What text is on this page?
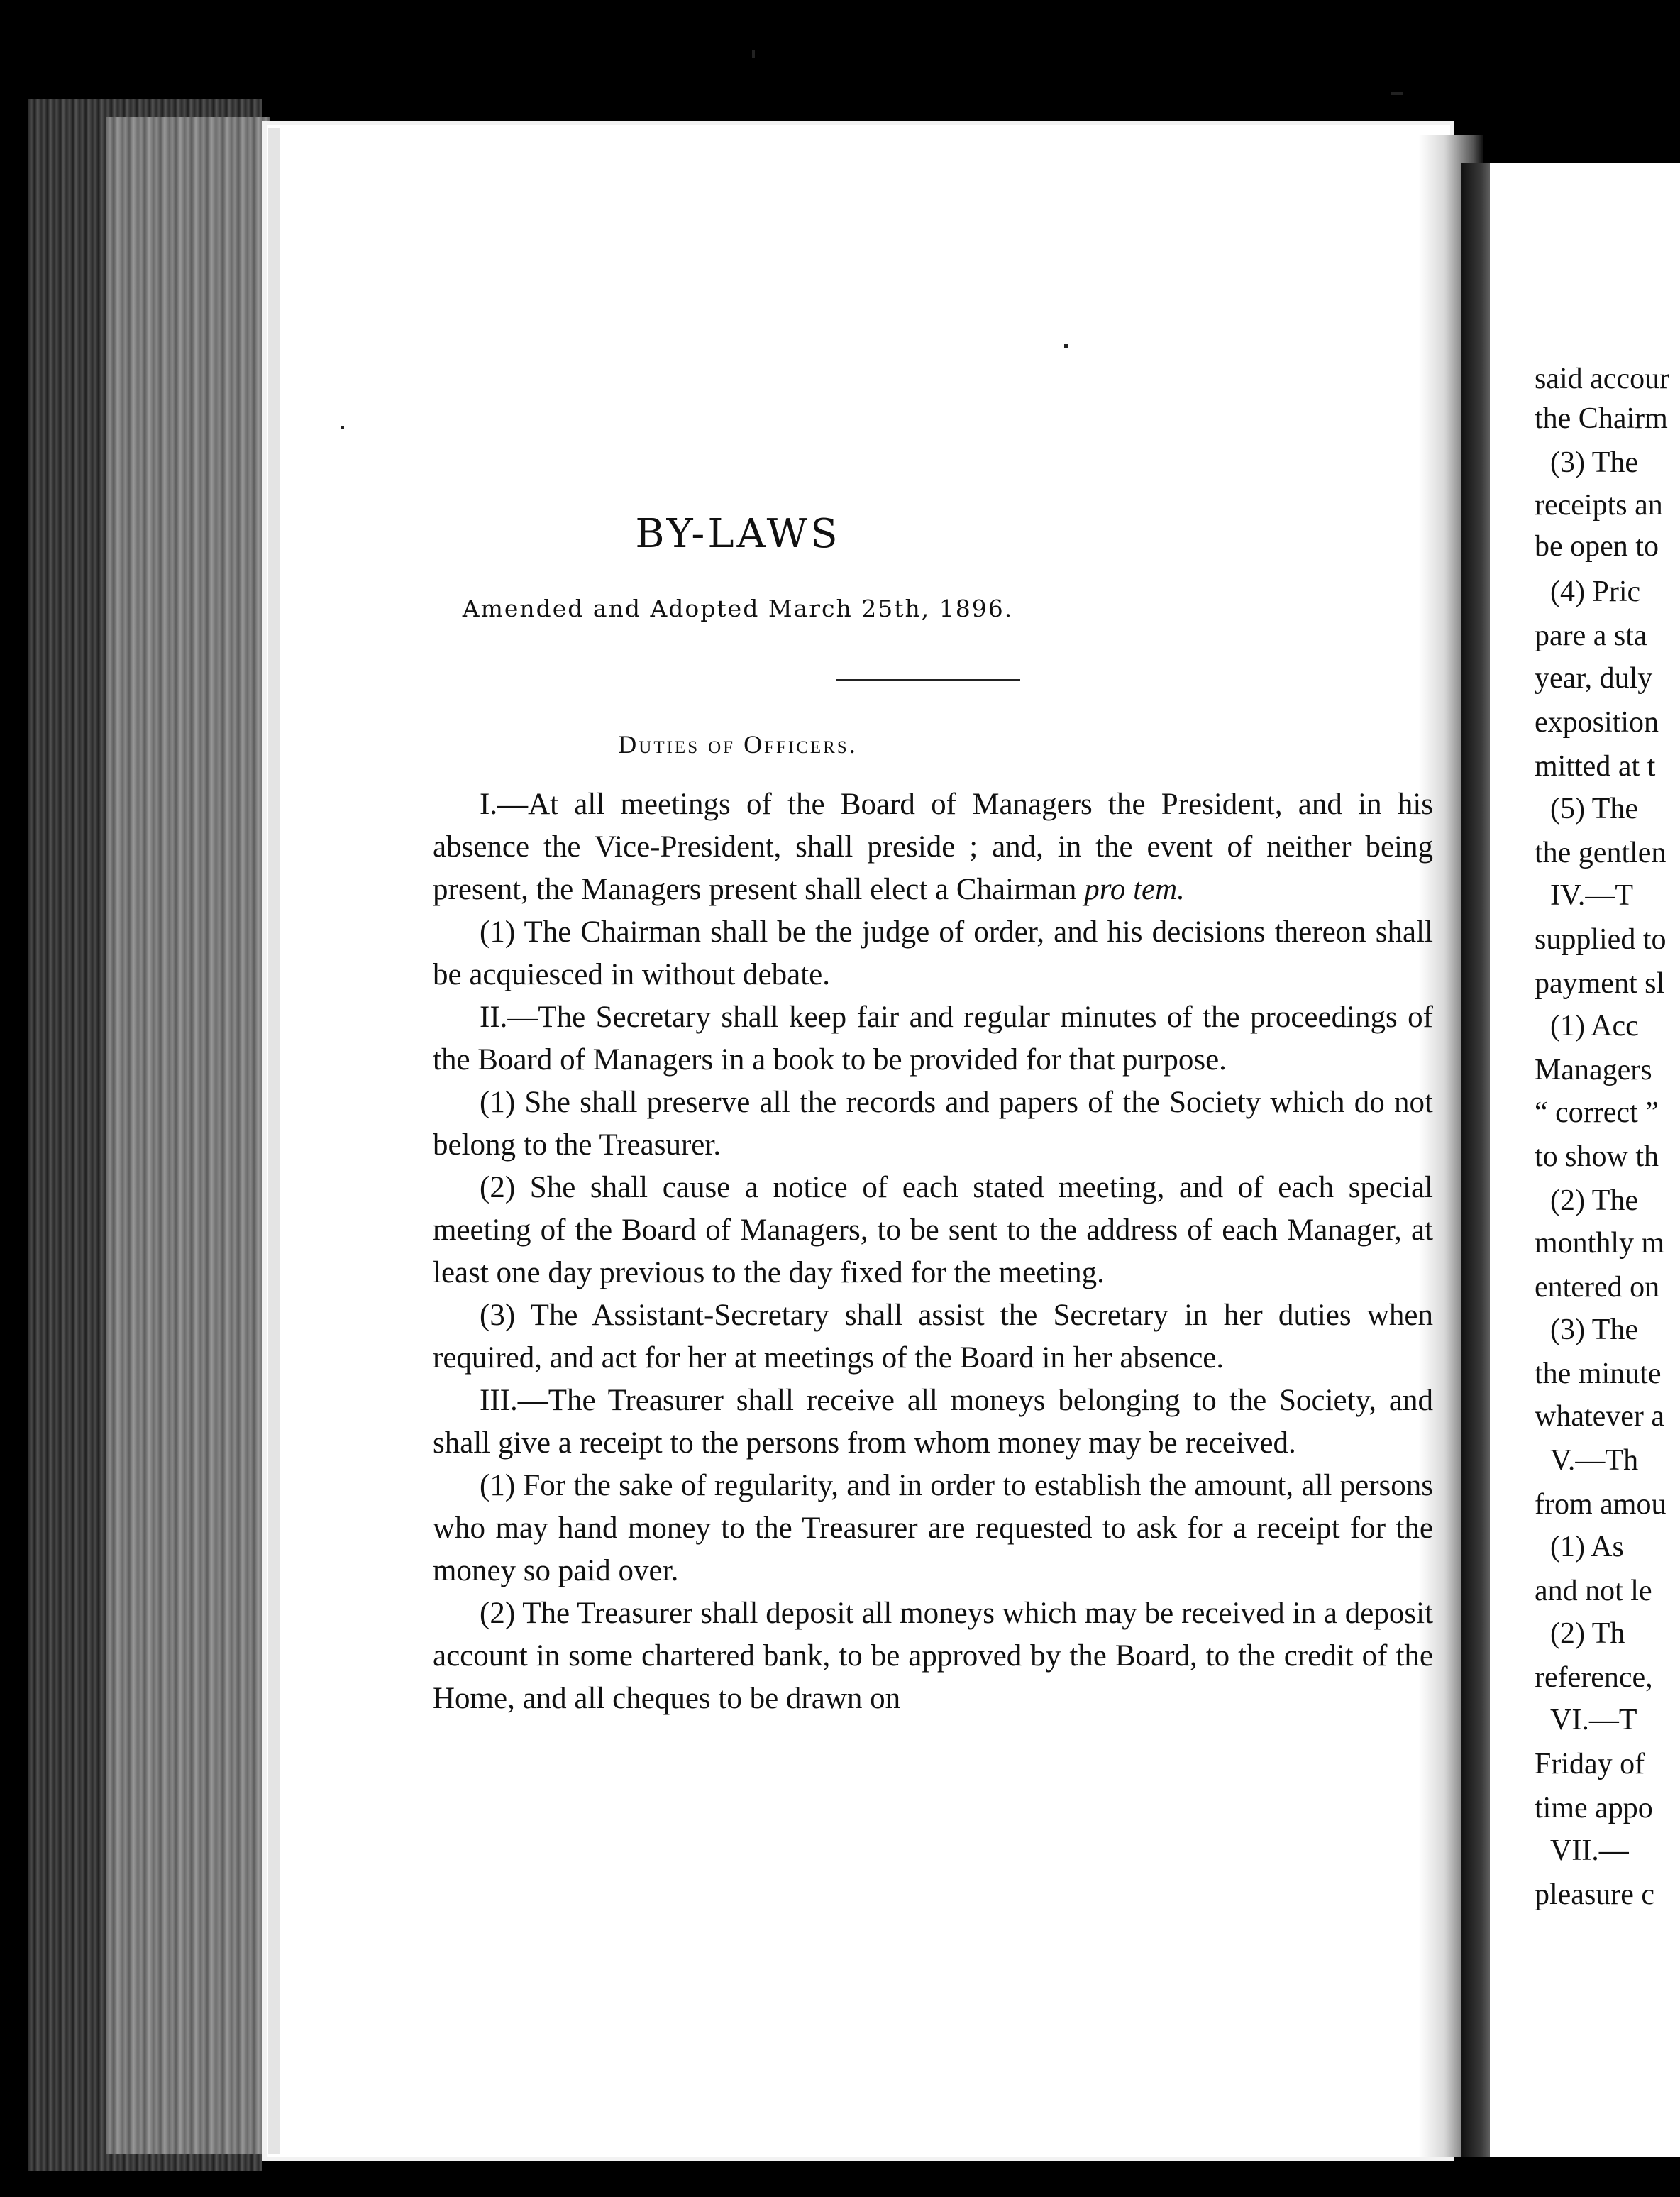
BY-LAWS
Amended and Adopted March 25th, 1896.
Duties of Officers.

I.—At all meetings of the Board of Managers the President, and in his absence the Vice-President, shall preside ; and, in the event of neither being present, the Managers present shall elect a Chairman pro tem.

(1) The Chairman shall be the judge of order, and his decisions thereon shall be acquiesced in without debate.

II.—The Secretary shall keep fair and regular minutes of the proceedings of the Board of Managers in a book to be provided for that purpose.

(1) She shall preserve all the records and papers of the Society which do not belong to the Treasurer.

(2) She shall cause a notice of each stated meeting, and of each special meeting of the Board of Managers, to be sent to the address of each Manager, at least one day previous to the day fixed for the meeting.

(3) The Assistant-Secretary shall assist the Secretary in her duties when required, and act for her at meetings of the Board in her absence.

III.—The Treasurer shall receive all moneys belonging to the Society, and shall give a receipt to the persons from whom money may be received.

(1) For the sake of regularity, and in order to establish the amount, all persons who may hand money to the Treasurer are requested to ask for a receipt for the money so paid over.

(2) The Treasurer shall deposit all moneys which may be received in a deposit account in some chartered bank, to be approved by the Board, to the credit of the Home, and all cheques to be drawn on

said accour
the Chairm
(3) The
receipts an
be open to
(4) Pric
pare a sta
year, duly
exposition
mitted at t
(5) The
the gentlen
IV.—T
supplied to
payment sl
(1) Acc
Managers
“ correct ”
to show th
(2) The
monthly m
entered on
(3) The
the minute
whatever a
V.—Th
from amou
(1) As
and not le
(2) Th
reference,
VI.—T
Friday of
time appo
VII.—
pleasure c
